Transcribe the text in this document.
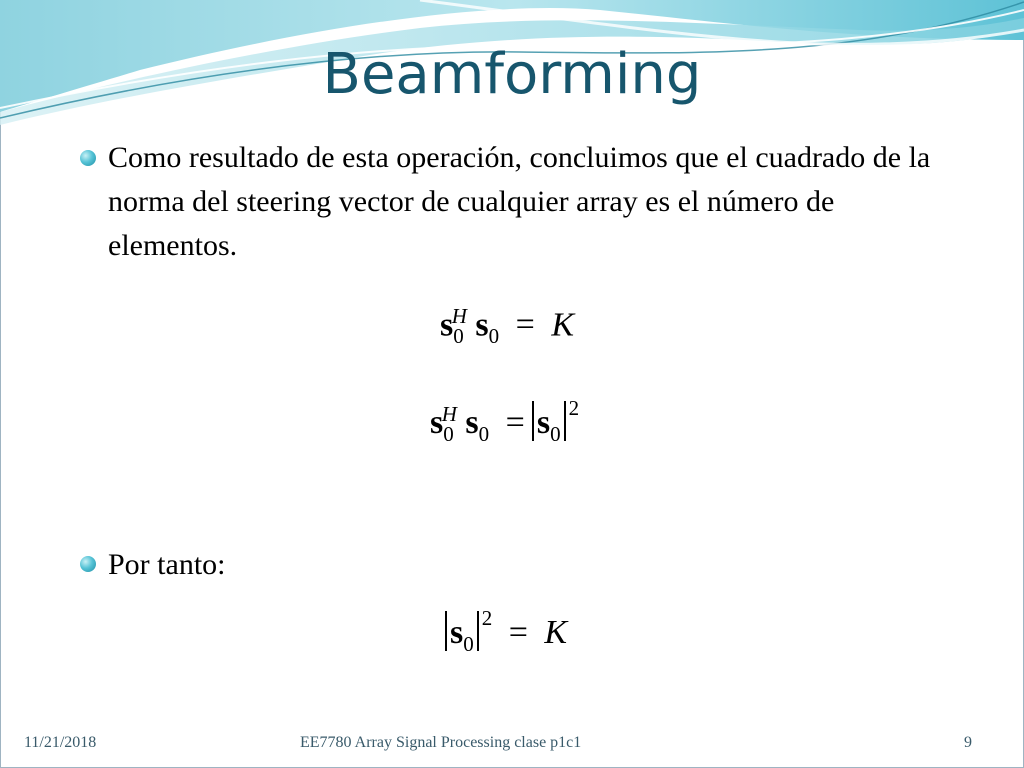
Beamforming
Como resultado de esta operación, concluimos que el cuadrado de la norma del steering vector de cualquier array es el número de elementos.
$s_0^H$ $s_0 = K$
$s_0^H$ $s_0 = s_0^2$
Por tanto:
$s_0^2 = K$
11/21/2018	EE7780 Array Signal Processing clase p1c1	9
